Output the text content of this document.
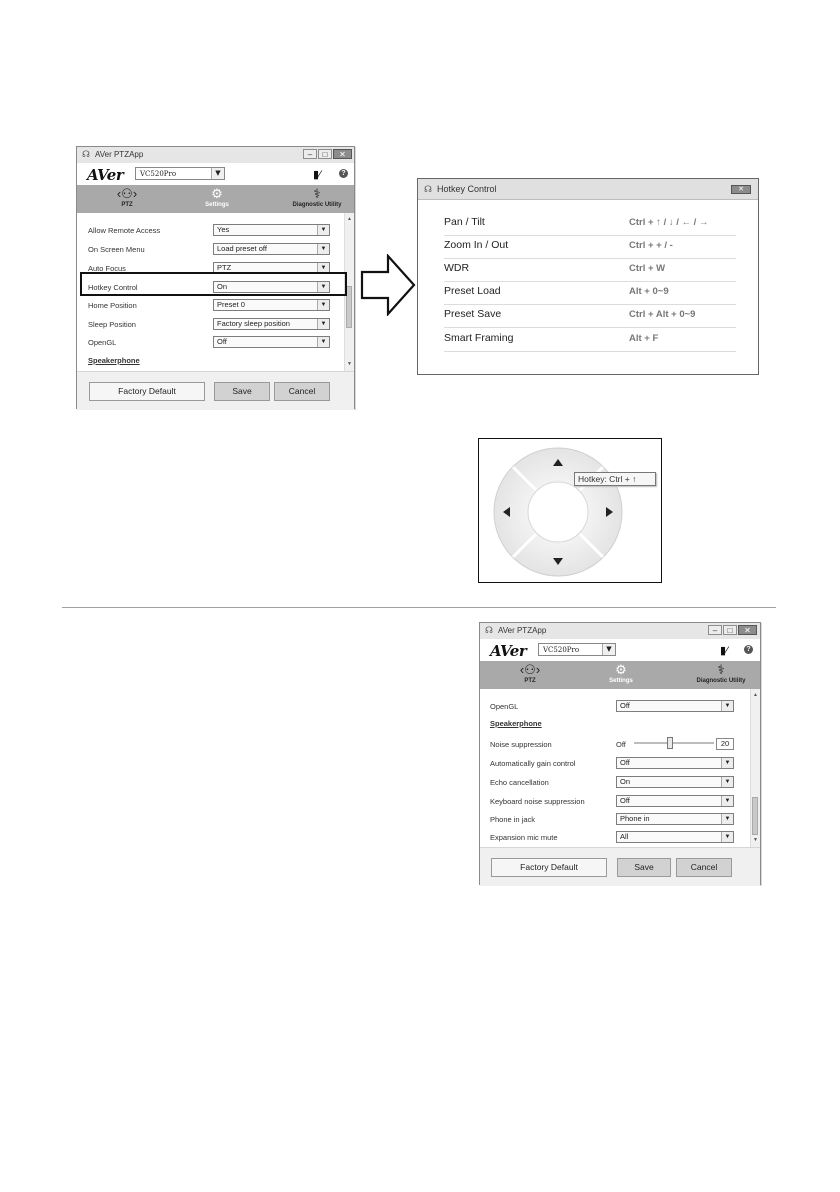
☊ AVer PTZApp	–	□	✕
AVer	VC520Pro	▼	▮⁄	?
‹⚇›
PTZ
⚙
Settings
⚕
Diagnostic Utility
Allow Remote Access	Yes	▼
On Screen Menu	Load preset off	▼
Auto Focus	PTZ	▼
Hotkey Control	On	▼
Home Position	Preset 0	▼
Sleep Position	Factory sleep position	▼
OpenGL	Off	▼
Speakerphone
▲
▼
Factory Default	Save	Cancel
☊ Hotkey Control	✕
Pan / Tilt	Ctrl + ↑ / ↓ / ← / →
Zoom In / Out	Ctrl + + / -
WDR	Ctrl + W
Preset Load	Alt + 0~9
Preset Save	Ctrl + Alt + 0~9
Smart Framing	Alt + F
Hotkey: Ctrl + ↑
☊ AVer PTZApp	–	□	✕
AVer	VC520Pro	▼	▮⁄	?
‹⚇›
PTZ
⚙
Settings
⚕
Diagnostic Utility
OpenGL	Off	▼
Speakerphone
Noise suppression	Off	20
Automatically gain control	Off	▼
Echo cancellation	On	▼
Keyboard noise suppression	Off	▼
Phone in jack	Phone in	▼
Expansion mic mute	All	▼
▲
▼
Factory Default	Save	Cancel
